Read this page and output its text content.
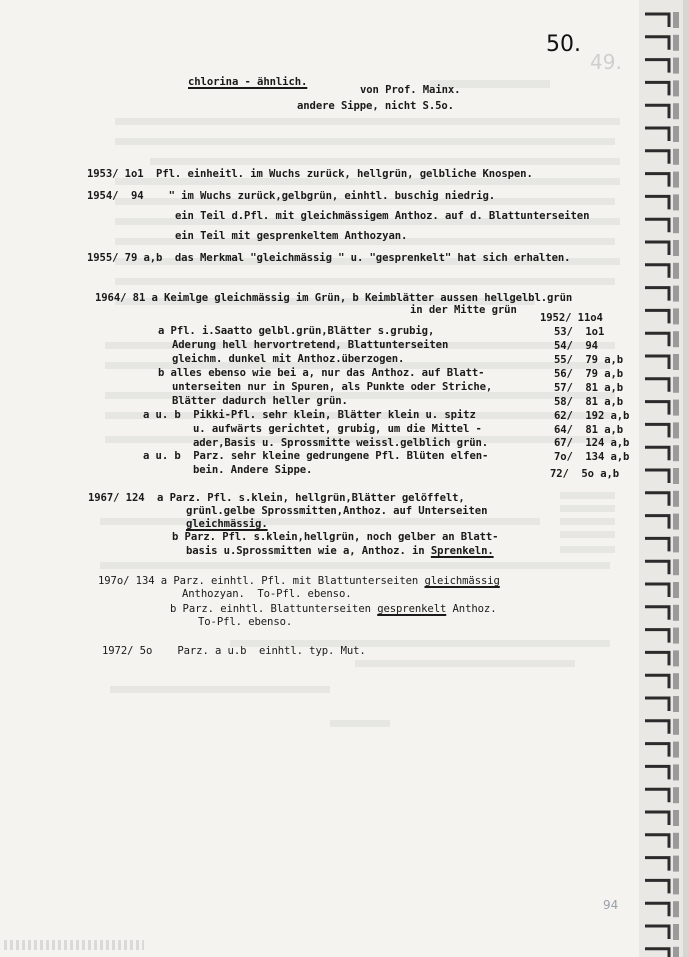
49.
50.
chlorina - ähnlich.
von Prof. Mainx.
andere Sippe, nicht S.5o.
1953/ 1o1  Pfl. einheitl. im Wuchs zurück, hellgrün, gelbliche Knospen.
1954/  94    " im Wuchs zurück,gelbgrün, einhtl. buschig niedrig.
ein Teil d.Pfl. mit gleichmässigem Anthoz. auf d. Blattunterseiten
ein Teil mit gesprenkeltem Anthozyan.
1955/ 79 a,b  das Merkmal "gleichmässig " u. "gesprenkelt" hat sich erhalten.
1964/ 81 a Keimlge gleichmässig im Grün, b Keimblätter aussen hellgelbl.grün
in der Mitte grün
1952/ 11o4
a Pfl. i.Saatto gelbl.grün,Blätter s.grubig,
Aderung hell hervortretend, Blattunterseiten
gleichm. dunkel mit Anthoz.überzogen.
b alles ebenso wie bei a, nur das Anthoz. auf Blatt-
unterseiten nur in Spuren, als Punkte oder Striche,
Blätter dadurch heller grün.
a u. b  Pikki-Pfl. sehr klein, Blätter klein u. spitz
u. aufwärts gerichtet, grubig, um die Mittel -
ader,Basis u. Sprossmitte weissl.gelblich grün.
a u. b  Parz. sehr kleine gedrungene Pfl. Blüten elfen-
bein. Andere Sippe.
53/  1o1
54/  94
55/  79 a,b
56/  79 a,b
57/  81 a,b
58/  81 a,b
62/  192 a,b
64/  81 a,b
67/  124 a,b
7o/  134 a,b
72/  5o a,b
1967/ 124  a Parz. Pfl. s.klein, hellgrün,Blätter gelöffelt,
grünl.gelbe Sprossmitten,Anthoz. auf Unterseiten
gleichmässig.
b Parz. Pfl. s.klein,hellgrün, noch gelber an Blatt-
basis u.Sprossmitten wie a, Anthoz. in Sprenkeln.
197o/ 134 a Parz. einhtl. Pfl. mit Blattunterseiten gleichmässig
Anthozyan.  To-Pfl. ebenso.
b Parz. einhtl. Blattunterseiten gesprenkelt Anthoz.
To-Pfl. ebenso.
1972/ 5o    Parz. a u.b  einhtl. typ. Mut.
94
